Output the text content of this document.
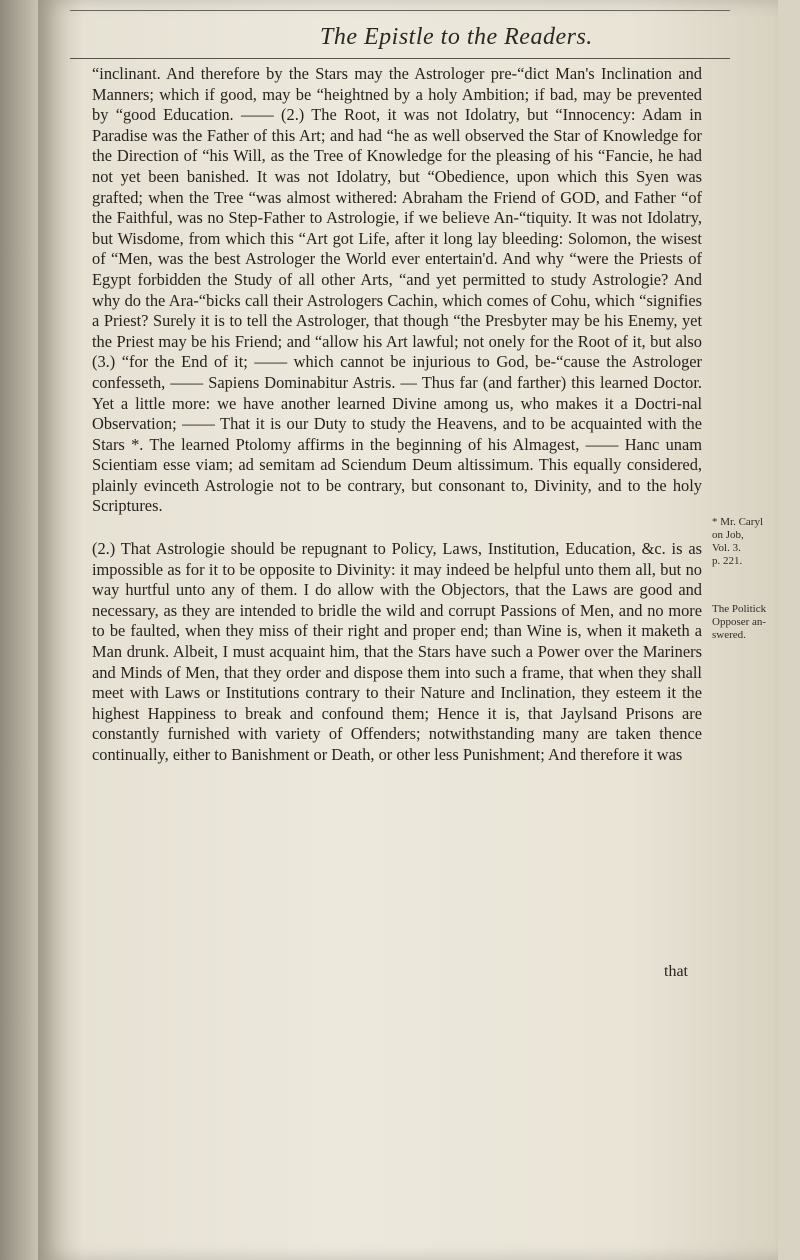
The Epistle to the Readers.

“inclinant. And therefore by the Stars may the Astrologer pre-“dict Man's Inclination and Manners; which if good, may be “heightned by a holy Ambition; if bad, may be prevented by “good Education. —— (2.) The Root, it was not Idolatry, but “Innocency: Adam in Paradise was the Father of this Art; and had “he as well observed the Star of Knowledge for the Direction of “his Will, as the Tree of Knowledge for the pleasing of his “Fancie, he had not yet been banished. It was not Idolatry, but “Obedience, upon which this Syen was grafted; when the Tree “was almost withered: Abraham the Friend of GOD, and Father “of the Faithful, was no Step-Father to Astrologie, if we believe An-“tiquity. It was not Idolatry, but Wisdome, from which this “Art got Life, after it long lay bleeding: Solomon, the wisest of “Men, was the best Astrologer the World ever entertain'd. And why “were the Priests of Egypt forbidden the Study of all other Arts, “and yet permitted to study Astrologie? And why do the Ara-“bicks call their Astrologers Cachin, which comes of Cohu, which “signifies a Priest? Surely it is to tell the Astrologer, that though “the Presbyter may be his Enemy, yet the Priest may be his Friend; and “allow his Art lawful; not onely for the Root of it, but also (3.) “for the End of it; —— which cannot be injurious to God, be-“cause the Astrologer confesseth, —— Sapiens Dominabitur Astris. — Thus far (and farther) this learned Doctor. Yet a little more: we have another learned Divine among us, who makes it a Doctri-nal Observation; —— That it is our Duty to study the Heavens, and to be acquainted with the Stars *. The learned Ptolomy affirms in the beginning of his Almagest, —— Hanc unam Scientiam esse viam; ad semitam ad Sciendum Deum altissimum. This equally considered, plainly evinceth Astrologie not to be contrary, but consonant to, Divinity, and to the holy Scriptures.

(2.) That Astrologie should be repugnant to Policy, Laws, Institution, Education, &c. is as impossible as for it to be opposite to Divinity: it may indeed be helpful unto them all, but no way hurtful unto any of them. I do allow with the Objectors, that the Laws are good and necessary, as they are intended to bridle the wild and corrupt Passions of Men, and no more to be faulted, when they miss of their right and proper end; than Wine is, when it maketh a Man drunk. Albeit, I must acquaint him, that the Stars have such a Power over the Mariners and Minds of Men, that they order and dispose them into such a frame, that when they shall meet with Laws or Institutions contrary to their Nature and Inclination, they esteem it the highest Happiness to break and confound them; Hence it is, that Jaylsand Prisons are constantly furnished with variety of Offenders; notwithstanding many are taken thence continually, either to Banishment or Death, or other less Punishment; And therefore it was

* Mr. Caryl
on Job,
Vol. 3.
p. 221.
The Politick
Opposer an-
swered.
that
